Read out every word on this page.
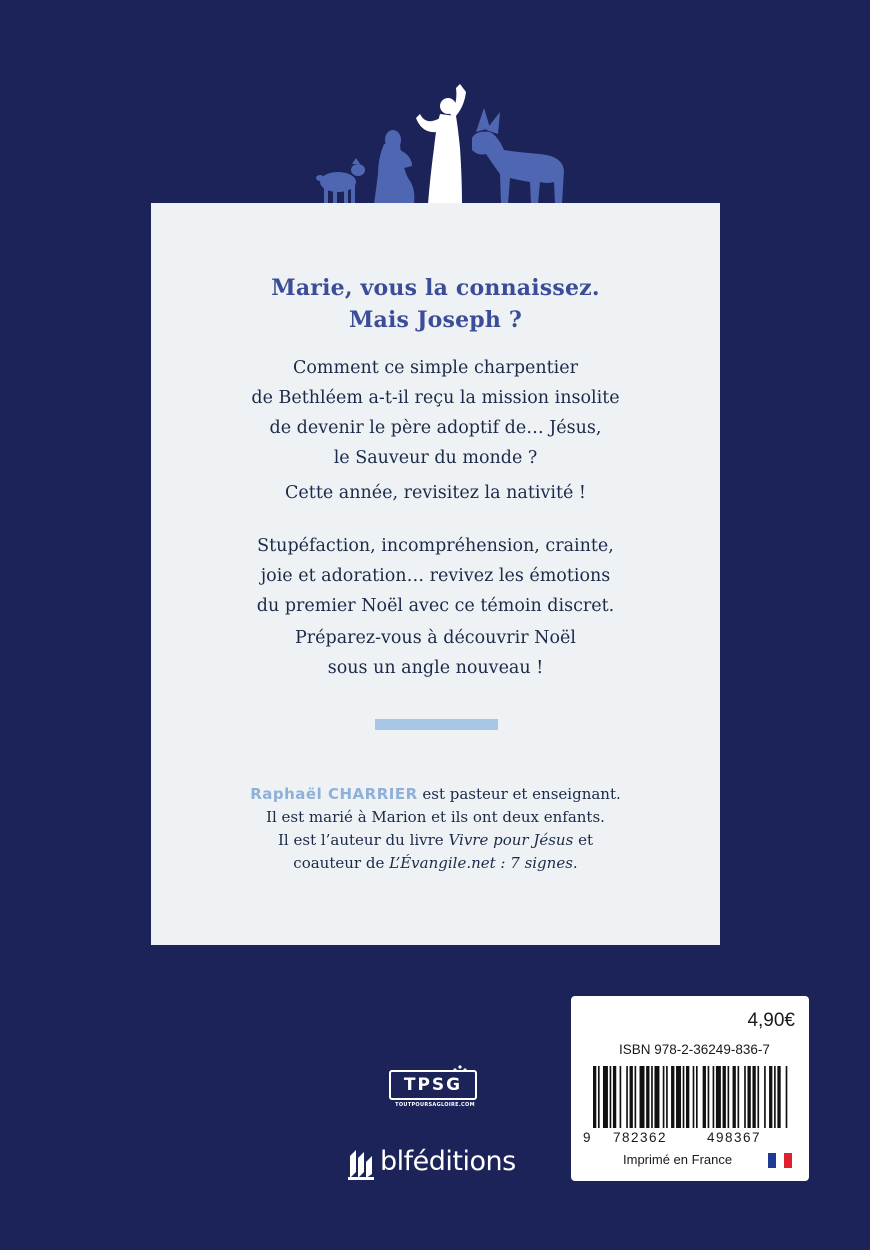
Marie, vous la connaissez.
Mais Joseph ?
Comment ce simple charpentier
de Bethléem a-t-il reçu la mission insolite
de devenir le père adoptif de… Jésus,
le Sauveur du monde ?
Cette année, revisitez la nativité !
Stupéfaction, incompréhension, crainte,
joie et adoration… revivez les émotions
du premier Noël avec ce témoin discret.
Préparez-vous à découvrir Noël
sous un angle nouveau !
Raphaël CHARRIER est pasteur et enseignant.
Il est marié à Marion et ils ont deux enfants.
Il est l’auteur du livre Vivre pour Jésus et
coauteur de L’Évangile.net : 7 signes.
TPSG
TOUTPOURSAGLOIRE.COM
blféditions
4,90€
ISBN 978-2-36249-836-7
9 782362	498367
Imprimé en France
